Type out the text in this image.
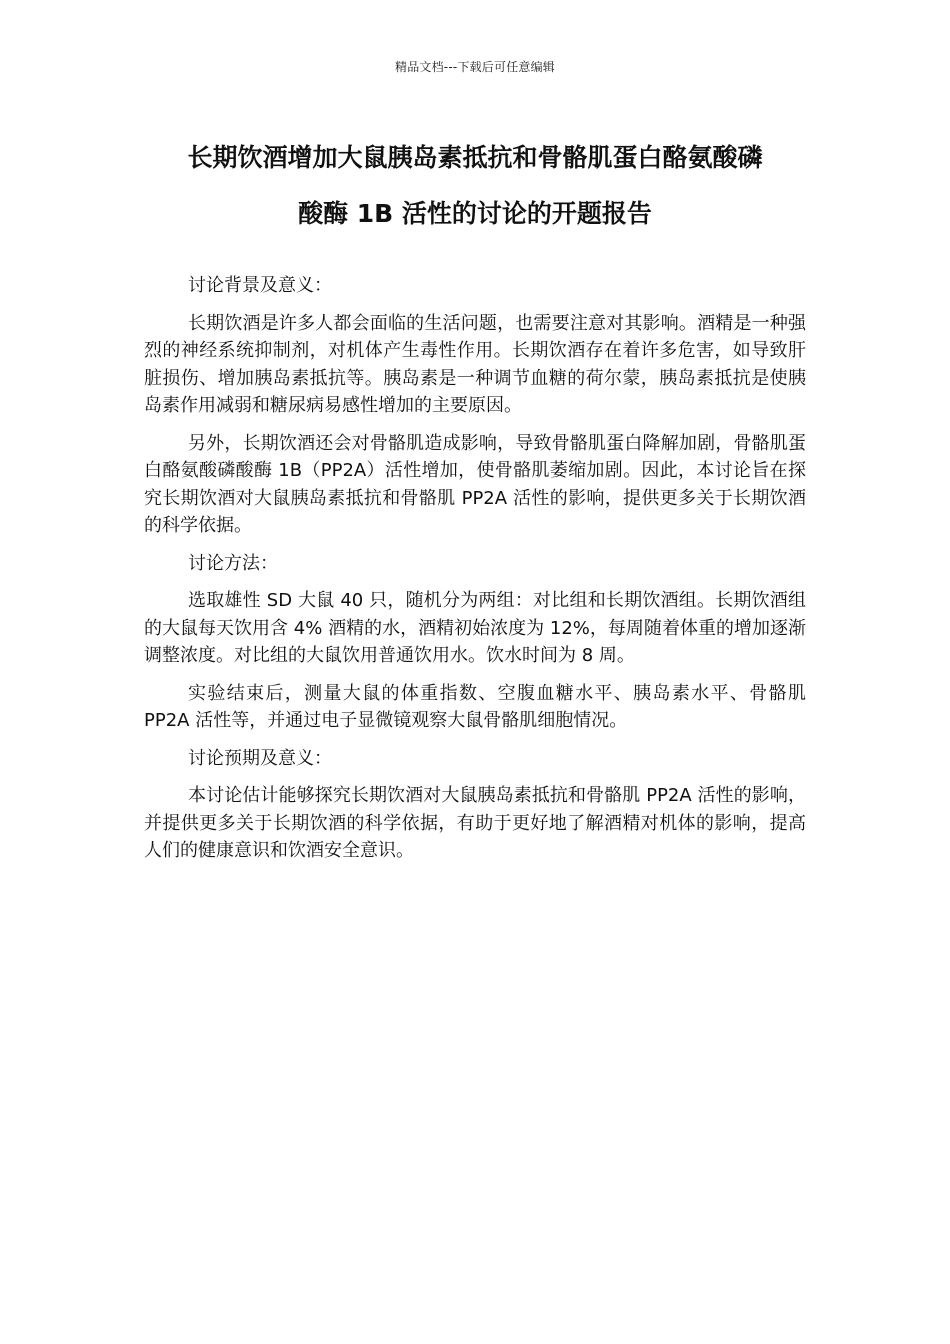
精品文档---下载后可任意编辑
长期饮酒增加大鼠胰岛素抵抗和骨骼肌蛋白酪氨酸磷
酸酶 1B 活性的讨论的开题报告

讨论背景及意义：

长期饮酒是许多人都会面临的生活问题，也需要注意对其影响。酒精是一种强烈的神经系统抑制剂，对机体产生毒性作用。长期饮酒存在着许多危害，如导致肝脏损伤、增加胰岛素抵抗等。胰岛素是一种调节血糖的荷尔蒙，胰岛素抵抗是使胰岛素作用减弱和糖尿病易感性增加的主要原因。

另外，长期饮酒还会对骨骼肌造成影响，导致骨骼肌蛋白降解加剧，骨骼肌蛋白酪氨酸磷酸酶 1B（PP2A）活性增加，使骨骼肌萎缩加剧。因此，本讨论旨在探究长期饮酒对大鼠胰岛素抵抗和骨骼肌 PP2A 活性的影响，提供更多关于长期饮酒的科学依据。

讨论方法：

选取雄性 SD 大鼠 40 只，随机分为两组：对比组和长期饮酒组。长期饮酒组的大鼠每天饮用含 4% 酒精的水，酒精初始浓度为 12%，每周随着体重的增加逐渐调整浓度。对比组的大鼠饮用普通饮用水。饮水时间为 8 周。

实验结束后，测量大鼠的体重指数、空腹血糖水平、胰岛素水平、骨骼肌 PP2A 活性等，并通过电子显微镜观察大鼠骨骼肌细胞情况。

讨论预期及意义：

本讨论估计能够探究长期饮酒对大鼠胰岛素抵抗和骨骼肌 PP2A 活性的影响，并提供更多关于长期饮酒的科学依据，有助于更好地了解酒精对机体的影响，提高人们的健康意识和饮酒安全意识。
